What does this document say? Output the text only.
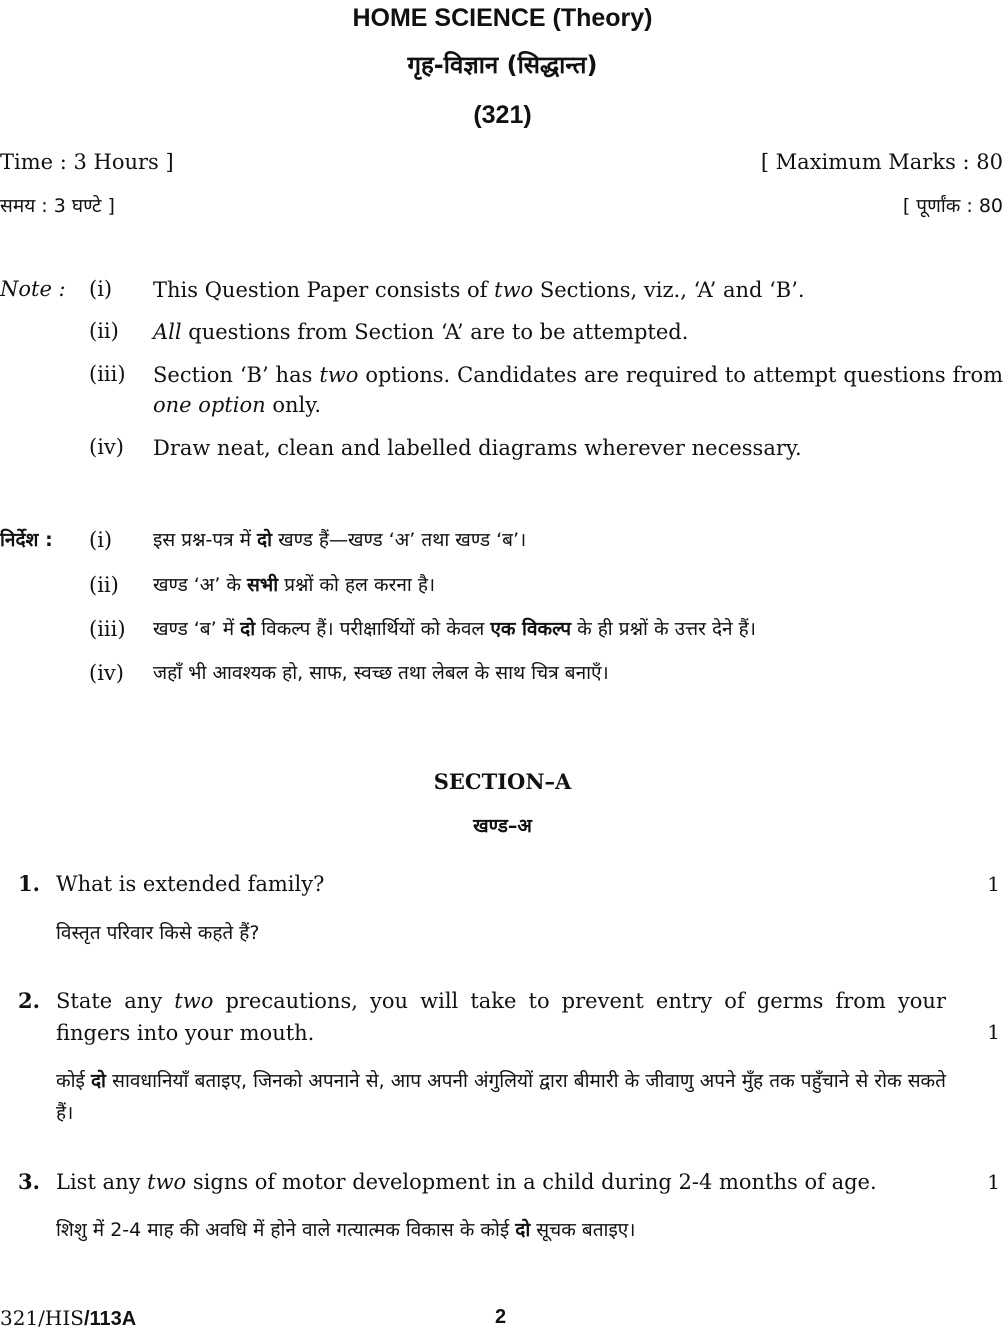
HOME SCIENCE (Theory)
गृह-विज्ञान (सिद्धान्त)
(321)
Time : 3 Hours ]	[ Maximum Marks : 80
समय : 3 घण्टे ]	[ पूर्णांक : 80
Note : (i) This Question Paper consists of two Sections, viz., ‘A’ and ‘B’.
(ii) All questions from Section ‘A’ are to be attempted.
(iii) Section ‘B’ has two options. Candidates are required to attempt questions from one option only.
(iv) Draw neat, clean and labelled diagrams wherever necessary.
निर्देश : (i) इस प्रश्न-पत्र में दो खण्ड हैं—खण्ड ‘अ’ तथा खण्ड ‘ब’।
(ii) खण्ड ‘अ’ के सभी प्रश्नों को हल करना है।
(iii) खण्ड ‘ब’ में दो विकल्प हैं। परीक्षार्थियों को केवल एक विकल्प के ही प्रश्नों के उत्तर देने हैं।
(iv) जहाँ भी आवश्यक हो, साफ, स्वच्छ तथा लेबल के साथ चित्र बनाएँ।
SECTION–A
खण्ड–अ
1. What is extended family?	1
विस्तृत परिवार किसे कहते हैं?
2. State any two precautions, you will take to prevent entry of germs from your fingers into your mouth.	1
कोई दो सावधानियाँ बताइए, जिनको अपनाने से, आप अपनी अंगुलियों द्वारा बीमारी के जीवाणु अपने मुँह तक पहुँचाने से रोक सकते हैं।
3. List any two signs of motor development in a child during 2-4 months of age.	1
शिशु में 2-4 माह की अवधि में होने वाले गत्यात्मक विकास के कोई दो सूचक बताइए।
321/HIS/113A	2
